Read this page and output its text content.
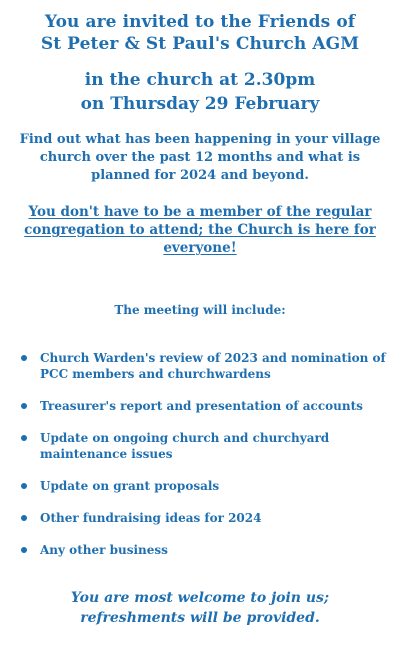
You are invited to the Friends of
St Peter & St Paul's Church AGM
in the church at 2.30pm
on Thursday 29 February
Find out what has been happening in your village church over the past 12 months and what is planned for 2024 and beyond.
You don't have to be a member of the regular congregation to attend; the Church is here for everyone!
The meeting will include:
Church Warden's review of 2023 and nomination of PCC members and churchwardens
Treasurer's report and presentation of accounts
Update on ongoing church and churchyard maintenance issues
Update on grant proposals
Other fundraising ideas for 2024
Any other business
You are most welcome to join us;
refreshments will be provided.
